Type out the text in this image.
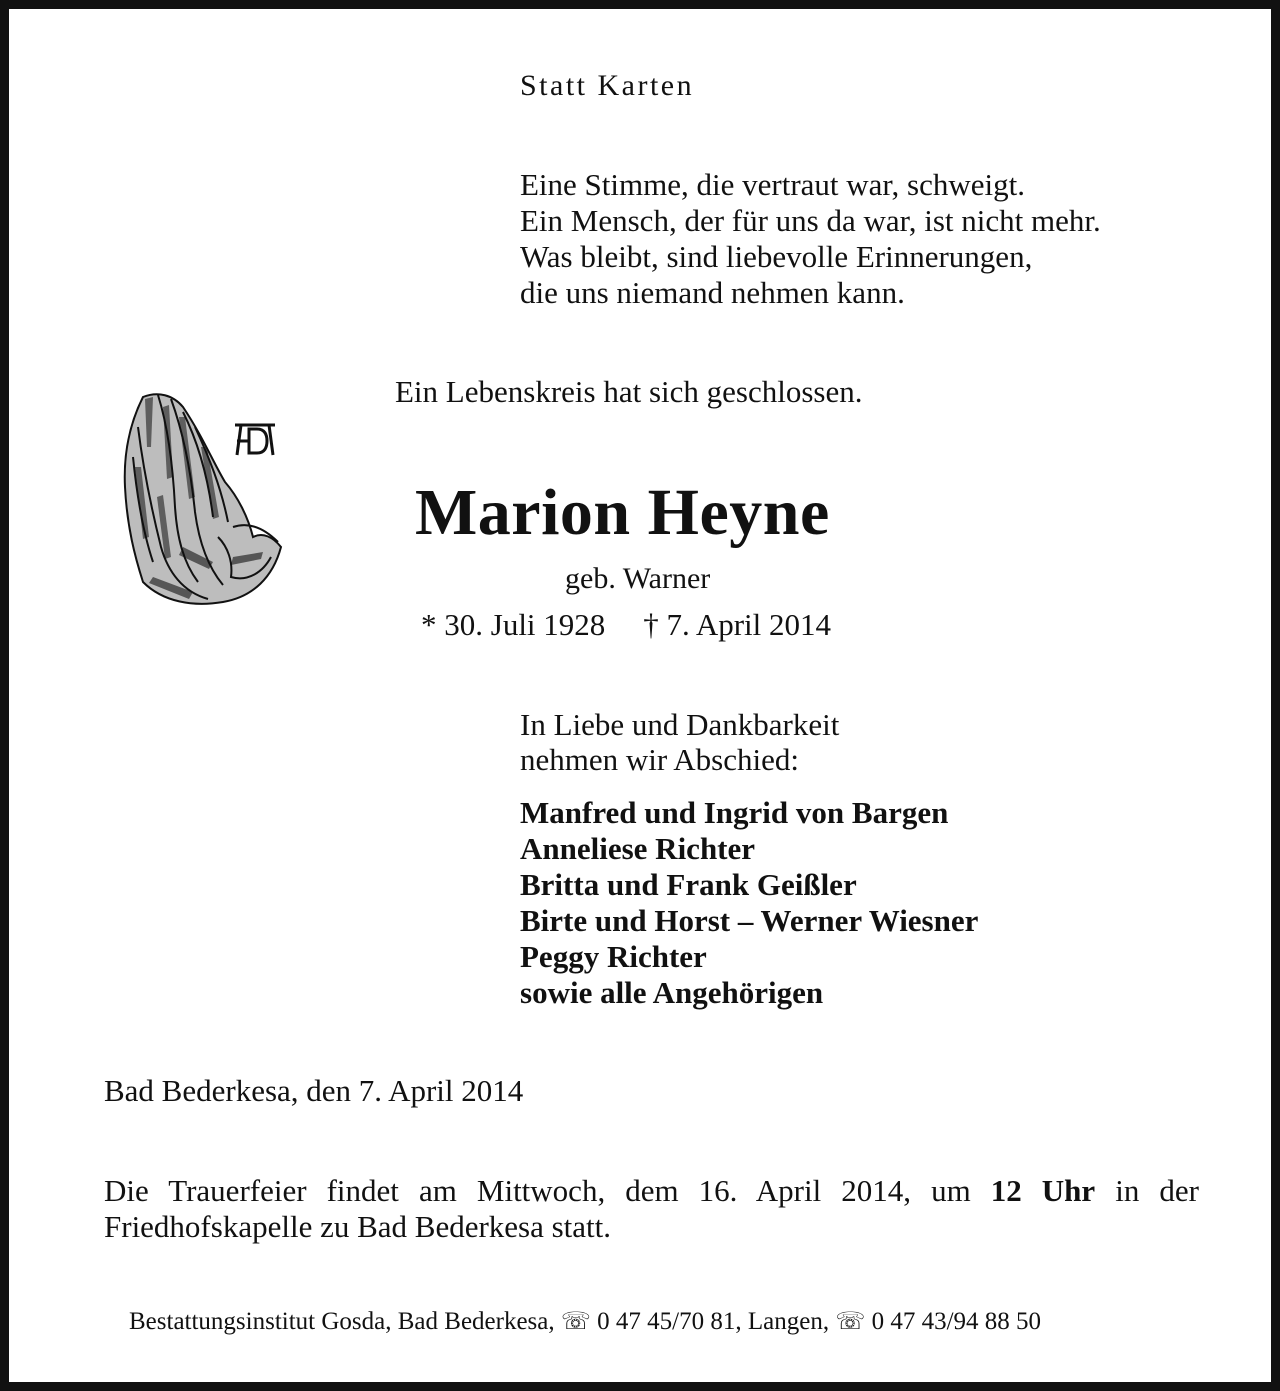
Statt Karten
Eine Stimme, die vertraut war, schweigt.
Ein Mensch, der für uns da war, ist nicht mehr.
Was bleibt, sind liebevolle Erinnerungen,
die uns niemand nehmen kann.
Ein Lebenskreis hat sich geschlossen.
Marion Heyne
geb. Warner
* 30. Juli 1928 † 7. April 2014
In Liebe und Dankbarkeit
nehmen wir Abschied:
Manfred und Ingrid von Bargen
Anneliese Richter
Britta und Frank Geißler
Birte und Horst – Werner Wiesner
Peggy Richter
sowie alle Angehörigen
Bad Bederkesa, den 7. April 2014
Die Trauerfeier findet am Mittwoch, dem 16. April 2014, um 12 Uhr in der Friedhofskapelle zu Bad Bederkesa statt.
Bestattungsinstitut Gosda, Bad Bederkesa, ☏ 0 47 45/70 81, Langen, ☏ 0 47 43/94 88 50
